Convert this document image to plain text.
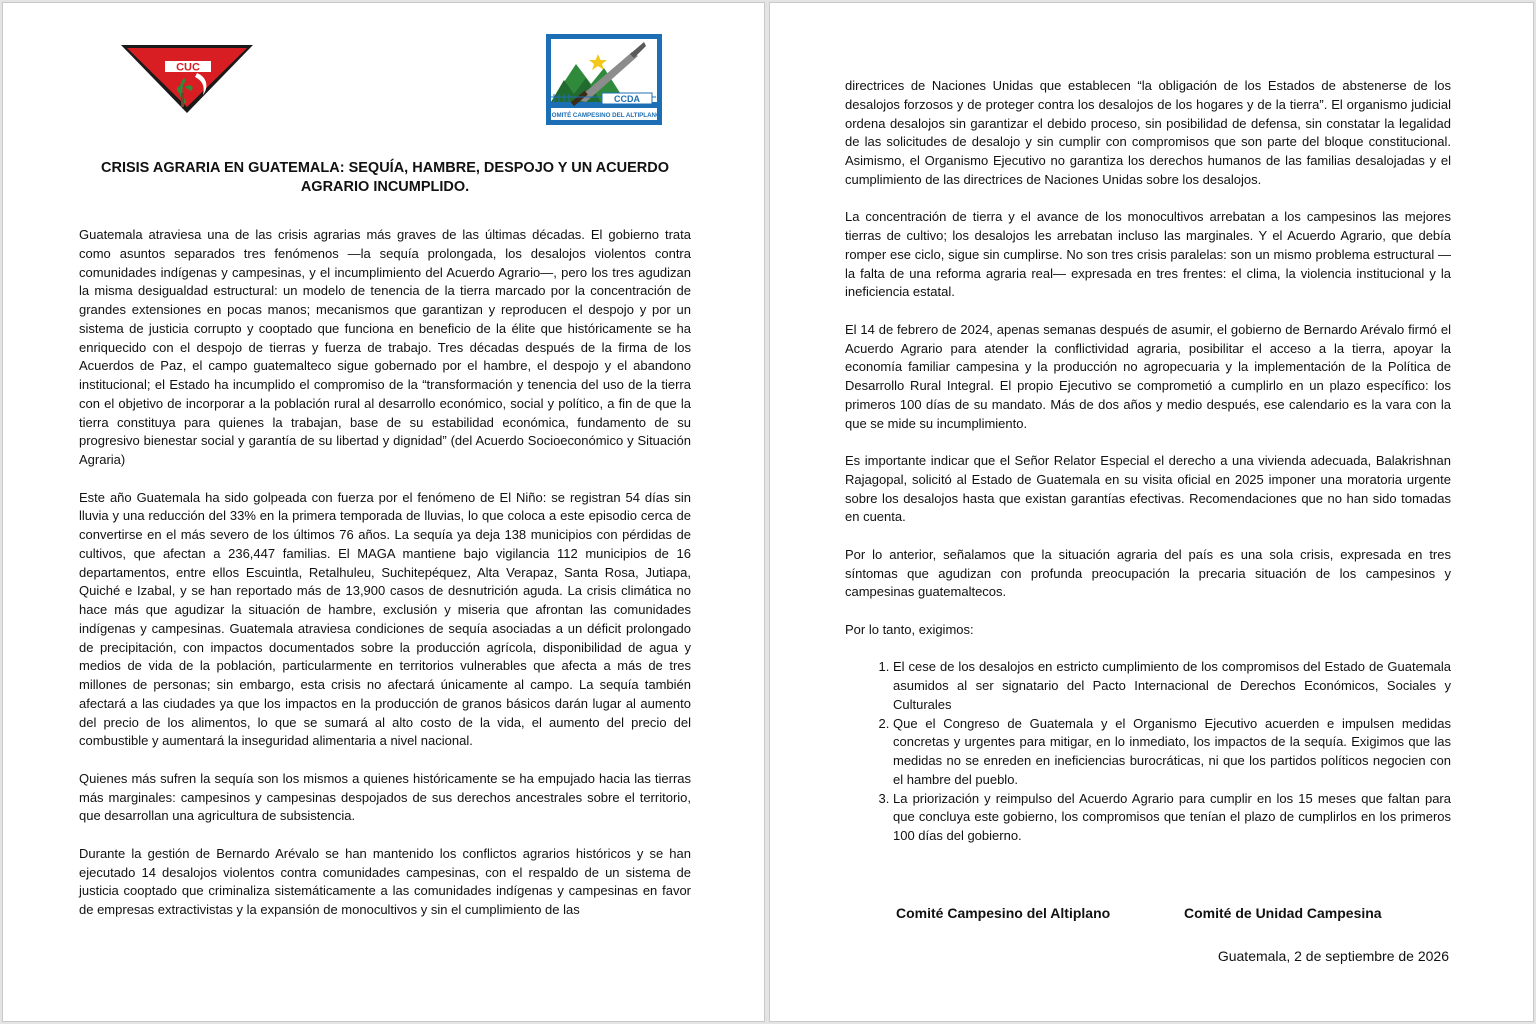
CUC
CCDA
COMITÉ CAMPESINO DEL ALTIPLANO
CRISIS AGRARIA EN GUATEMALA: SEQUÍA, HAMBRE, DESPOJO Y UN ACUERDO AGRARIO INCUMPLIDO.

Guatemala atraviesa una de las crisis agrarias más graves de las últimas décadas. El gobierno trata como asuntos separados tres fenómenos —la sequía prolongada, los desalojos violentos contra comunidades indígenas y campesinas, y el incumplimiento del Acuerdo Agrario—, pero los tres agudizan la misma desigualdad estructural: un modelo de tenencia de la tierra marcado por la concentración de grandes extensiones en pocas manos; mecanismos que garantizan y reproducen el despojo y por un sistema de justicia corrupto y cooptado que funciona en beneficio de la élite que históricamente se ha enriquecido con el despojo de tierras y fuerza de trabajo. Tres décadas después de la firma de los Acuerdos de Paz, el campo guatemalteco sigue gobernado por el hambre, el despojo y el abandono institucional; el Estado ha incumplido el compromiso de la “transformación y tenencia del uso de la tierra con el objetivo de incorporar a la población rural al desarrollo económico, social y político, a fin de que la tierra constituya para quienes la trabajan, base de su estabilidad económica, fundamento de su progresivo bienestar social y garantía de su libertad y dignidad” (del Acuerdo Socioeconómico y Situación Agraria)

Este año Guatemala ha sido golpeada con fuerza por el fenómeno de El Niño: se registran 54 días sin lluvia y una reducción del 33% en la primera temporada de lluvias, lo que coloca a este episodio cerca de convertirse en el más severo de los últimos 76 años. La sequía ya deja 138 municipios con pérdidas de cultivos, que afectan a 236,447 familias. El MAGA mantiene bajo vigilancia 112 municipios de 16 departamentos, entre ellos Escuintla, Retalhuleu, Suchitepéquez, Alta Verapaz, Santa Rosa, Jutiapa, Quiché e Izabal, y se han reportado más de 13,900 casos de desnutrición aguda. La crisis climática no hace más que agudizar la situación de hambre, exclusión y miseria que afrontan las comunidades indígenas y campesinas. Guatemala atraviesa condiciones de sequía asociadas a un déficit prolongado de precipitación, con impactos documentados sobre la producción agrícola, disponibilidad de agua y medios de vida de la población, particularmente en territorios vulnerables que afecta a más de tres millones de personas; sin embargo, esta crisis no afectará únicamente al campo. La sequía también afectará a las ciudades ya que los impactos en la producción de granos básicos darán lugar al aumento del precio de los alimentos, lo que se sumará al alto costo de la vida, el aumento del precio del combustible y aumentará la inseguridad alimentaria a nivel nacional.

Quienes más sufren la sequía son los mismos a quienes históricamente se ha empujado hacia las tierras más marginales: campesinos y campesinas despojados de sus derechos ancestrales sobre el territorio, que desarrollan una agricultura de subsistencia.

Durante la gestión de Bernardo Arévalo se han mantenido los conflictos agrarios históricos y se han ejecutado 14 desalojos violentos contra comunidades campesinas, con el respaldo de un sistema de justicia cooptado que criminaliza sistemáticamente a las comunidades indígenas y campesinas en favor de empresas extractivistas y la expansión de monocultivos y sin el cumplimiento de las

directrices de Naciones Unidas que establecen “la obligación de los Estados de abstenerse de los desalojos forzosos y de proteger contra los desalojos de los hogares y de la tierra”. El organismo judicial ordena desalojos sin garantizar el debido proceso, sin posibilidad de defensa, sin constatar la legalidad de las solicitudes de desalojo y sin cumplir con compromisos que son parte del bloque constitucional. Asimismo, el Organismo Ejecutivo no garantiza los derechos humanos de las familias desalojadas y el cumplimiento de las directrices de Naciones Unidas sobre los desalojos.

La concentración de tierra y el avance de los monocultivos arrebatan a los campesinos las mejores tierras de cultivo; los desalojos les arrebatan incluso las marginales. Y el Acuerdo Agrario, que debía romper ese ciclo, sigue sin cumplirse. No son tres crisis paralelas: son un mismo problema estructural —la falta de una reforma agraria real— expresada en tres frentes: el clima, la violencia institucional y la ineficiencia estatal.

El 14 de febrero de 2024, apenas semanas después de asumir, el gobierno de Bernardo Arévalo firmó el Acuerdo Agrario para atender la conflictividad agraria, posibilitar el acceso a la tierra, apoyar la economía familiar campesina y la producción no agropecuaria y la implementación de la Política de Desarrollo Rural Integral. El propio Ejecutivo se comprometió a cumplirlo en un plazo específico: los primeros 100 días de su mandato. Más de dos años y medio después, ese calendario es la vara con la que se mide su incumplimiento.

Es importante indicar que el Señor Relator Especial el derecho a una vivienda adecuada, Balakrishnan Rajagopal, solicitó al Estado de Guatemala en su visita oficial en 2025 imponer una moratoria urgente sobre los desalojos hasta que existan garantías efectivas. Recomendaciones que no han sido tomadas en cuenta.

Por lo anterior, señalamos que la situación agraria del país es una sola crisis, expresada en tres síntomas que agudizan con profunda preocupación la precaria situación de los campesinos y campesinas guatemaltecos.

Por lo tanto, exigimos:

1. El cese de los desalojos en estricto cumplimiento de los compromisos del Estado de Guatemala asumidos al ser signatario del Pacto Internacional de Derechos Económicos, Sociales y Culturales
2. Que el Congreso de Guatemala y el Organismo Ejecutivo acuerden e impulsen medidas concretas y urgentes para mitigar, en lo inmediato, los impactos de la sequía. Exigimos que las medidas no se enreden en ineficiencias burocráticas, ni que los partidos políticos negocien con el hambre del pueblo.
3. La priorización y reimpulso del Acuerdo Agrario para cumplir en los 15 meses que faltan para que concluya este gobierno, los compromisos que tenían el plazo de cumplirlos en los primeros 100 días del gobierno.
Comité Campesino del Altiplano	Comité de Unidad Campesina
Guatemala, 2 de septiembre de 2026
